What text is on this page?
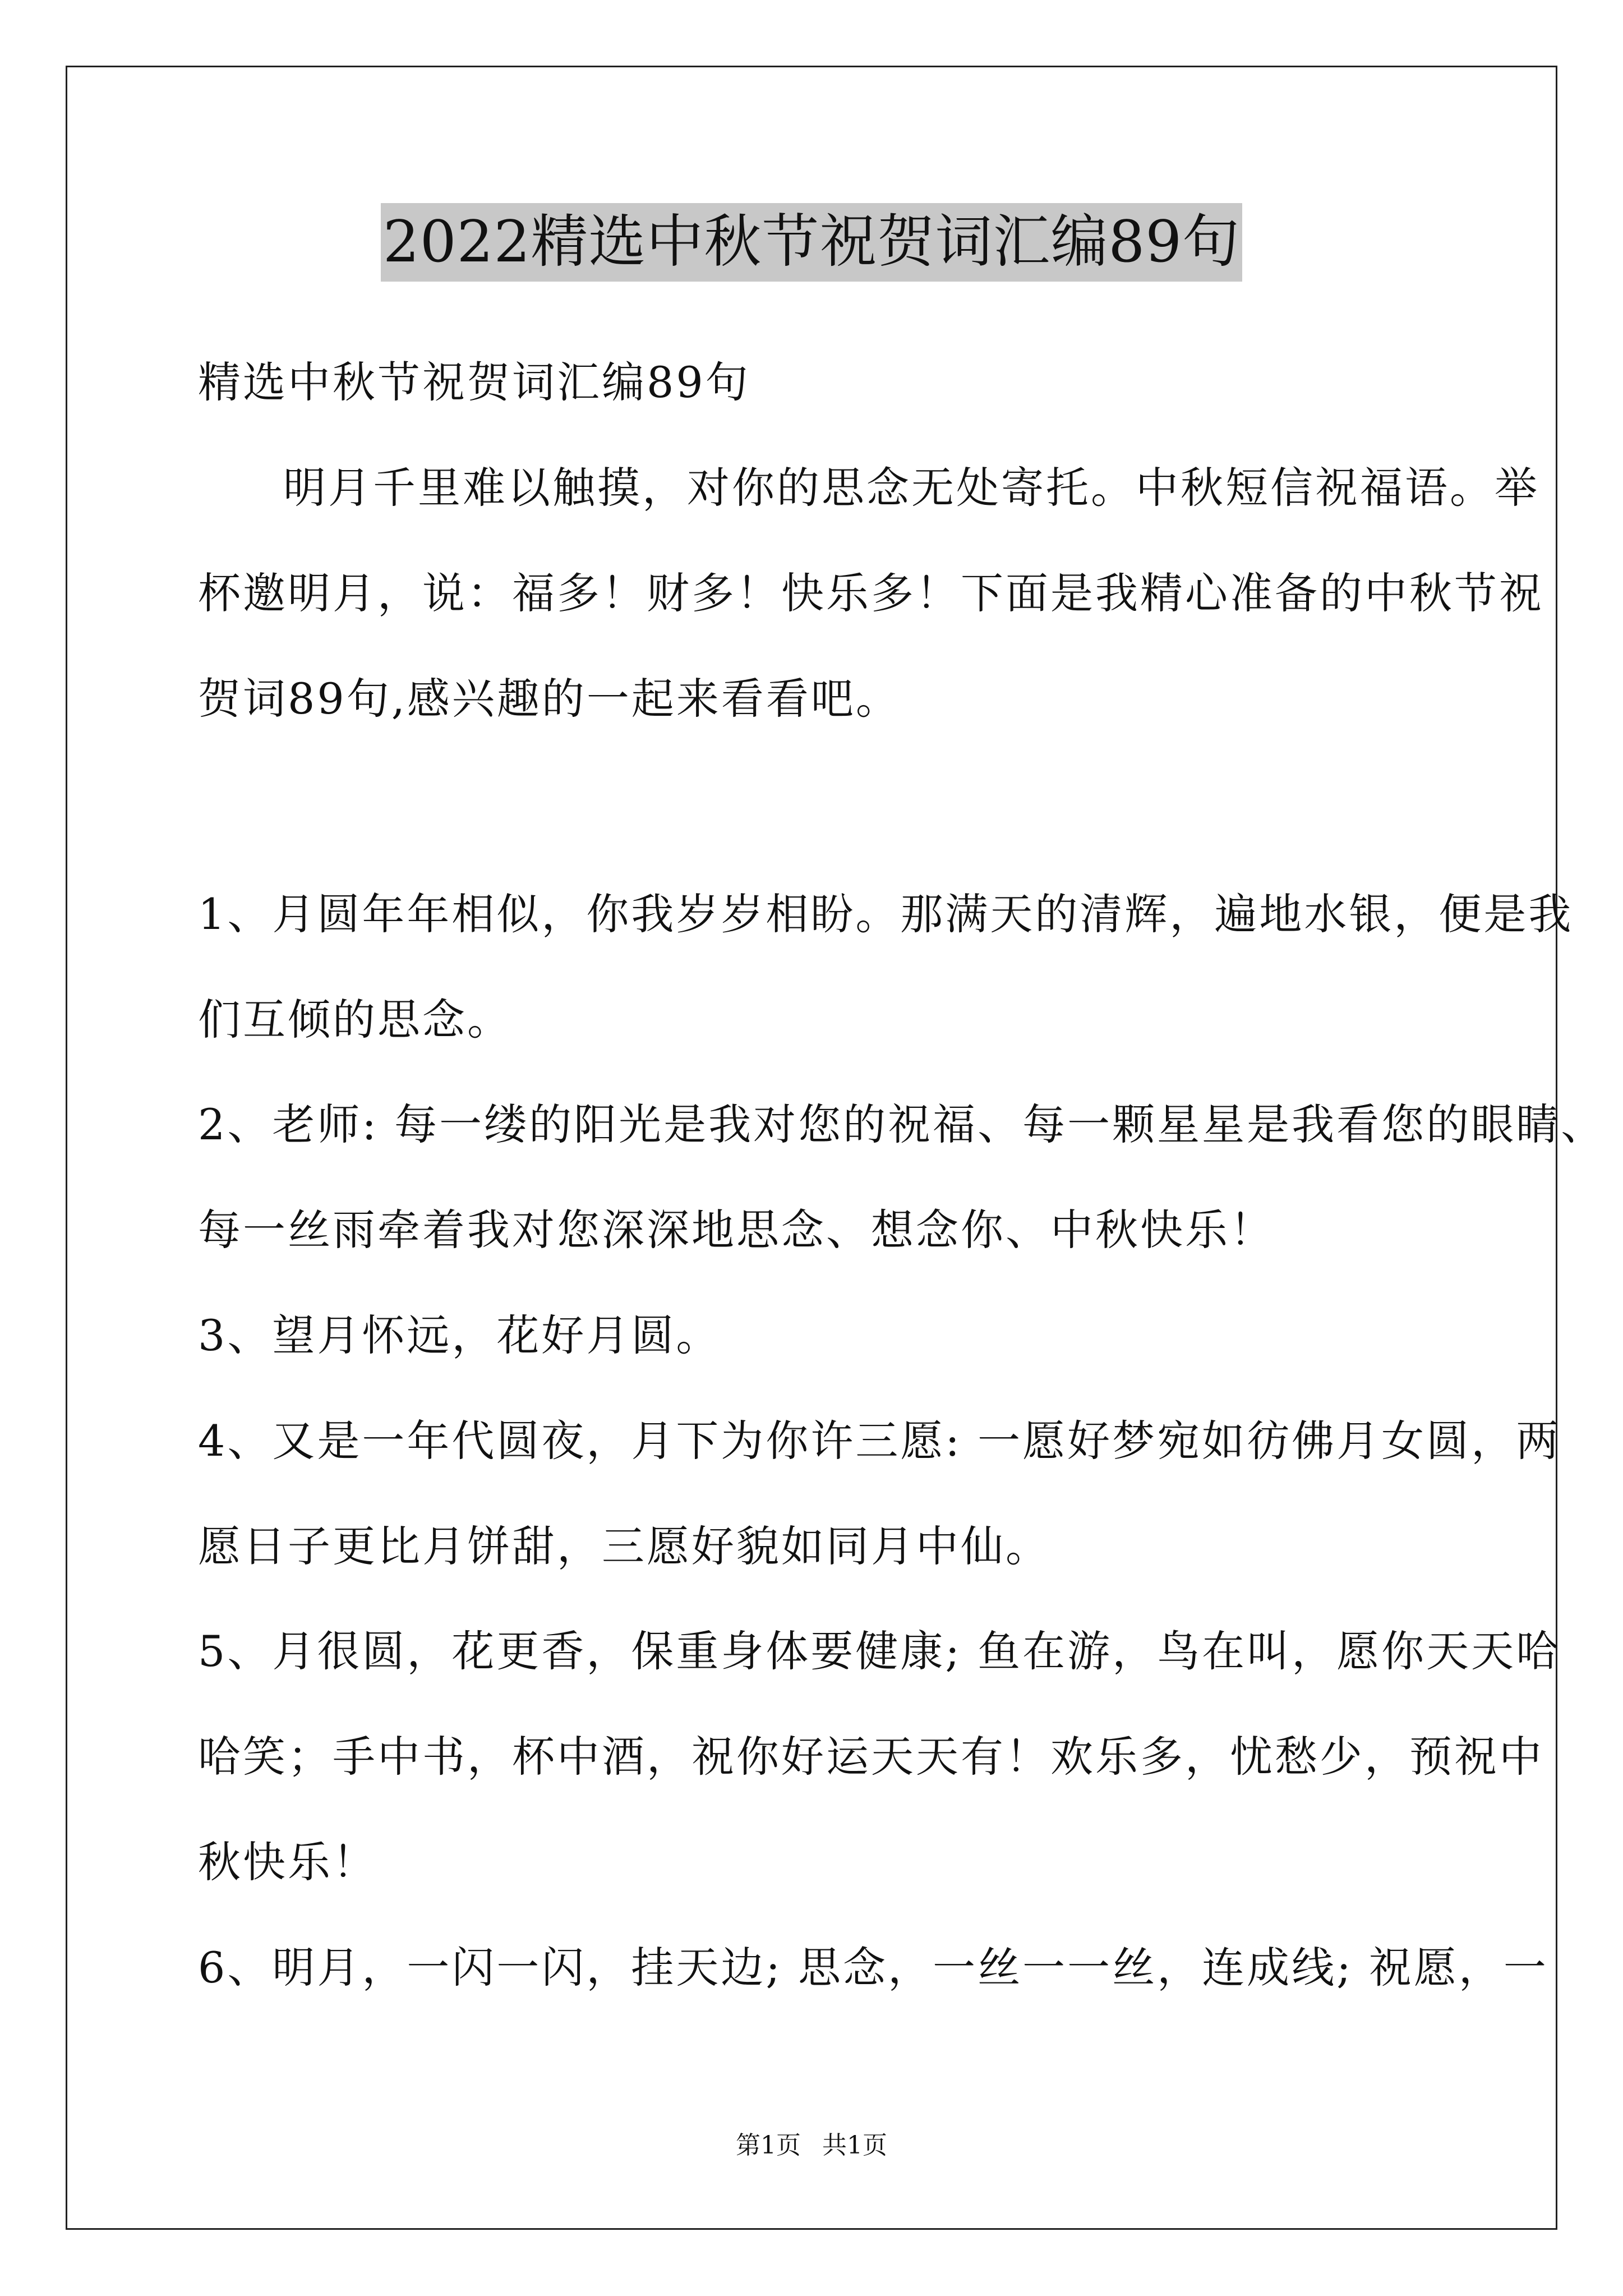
2022精选中秋节祝贺词汇编89句
精选中秋节祝贺词汇编89句
明月千里难以触摸，对你的思念无处寄托。中秋短信祝福语。举
杯邀明月，说：福多！财多！快乐多！下面是我精心准备的中秋节祝
贺词89句,感兴趣的一起来看看吧。
1、月圆年年相似，你我岁岁相盼。那满天的清辉，遍地水银，便是我
们互倾的思念。
2、老师: 每一缕的阳光是我对您的祝福、每一颗星星是我看您的眼睛、
每一丝雨牵着我对您深深地思念、想念你、中秋快乐！
3、望月怀远，花好月圆。
4、又是一年代圆夜，月下为你许三愿: 一愿好梦宛如彷佛月女圆，两
愿日子更比月饼甜，三愿好貌如同月中仙。
5、月很圆，花更香，保重身体要健康; 鱼在游，鸟在叫，愿你天天哈
哈笑；手中书，杯中酒，祝你好运天天有！欢乐多，忧愁少，预祝中
秋快乐！
6、明月，一闪一闪，挂天边; 思念，一丝一一丝，连成线; 祝愿，一
第1页 共1页
